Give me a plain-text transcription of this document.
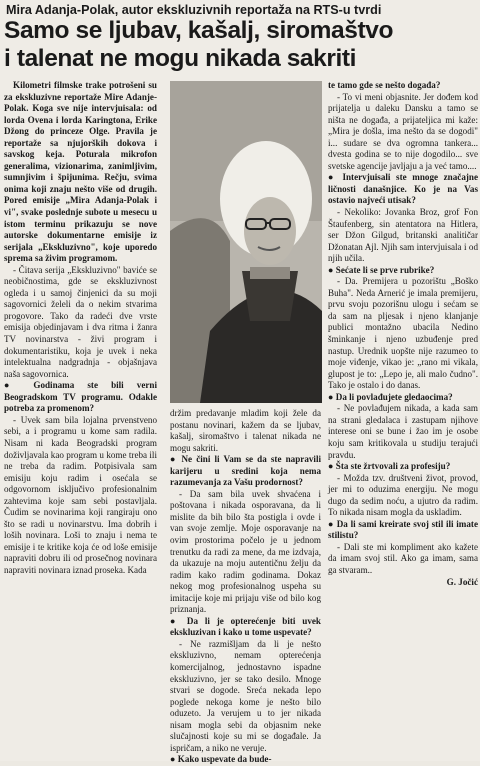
Mira Adanja-Polak, autor ekskluzivnih reportaža na RTS-u tvrdi
Samo se ljubav, kašalj, siromaštvo
i talenat ne mogu nikada sakriti

Kilometri filmske trake potrošeni su za ekskluzivne reportaže Mire Adanje-Polak. Koga sve nije intervjuisala: od lorda Ovena i lorda Karingtona, Erike Džong do princeze Olge. Pravila je reportaže sa njujorških dokova i savskog keja. Poturala mikrofon generalima, vizionarima, zanimljivim, sumnjivim i špijunima. Rečju, svima onima koji znaju nešto više od drugih. Pored emisije „Mira Adanja-Polak i vi", svake poslednje subote u mesecu u istom terminu prikazuju se nove autorske dokumentarne emisije iz serijala „Ekskluzivno", koje uporedo sprema sa živim programom.

- Čitava serija „Ekskluzivno" baviće se neobičnostima, gde se ekskluzivnost ogleda i u samoj činjenici da su moji sagovornici želeli da o nekim stvarima progovore. Tako da radeći dve vrste emisija objedinjavam i dva ritma i žanra TV novinarstva - živi program i dokumentaristiku, koja je uvek i neka intelektualna nadgradnja - objašnjava naša sagovornica.

● Godinama ste bili verni Beogradskom TV programu. Odakle potreba za promenom?

- Uvek sam bila lojalna prvenstveno sebi, a i programu u kome sam radila. Nisam ni kada Beogradski program doživljavala kao program u kome treba ili ne treba da radim. Potpisivala sam emisiju koju radim i osećala se odgovornom isključivo profesionalnim zahtevima koje sam sebi postavljala. Čudim se novinarima koji rangiraju ono što se radi u novinarstvu. Ima dobrih i loših novinara. Loši to znaju i nema te emisije i te kritike koja će od loše emisije napraviti dobru ili od prosečnog novinara napraviti novinara iznad proseka. Kada

držim predavanje mladim koji žele da postanu novinari, kažem da se ljubav, kašalj, siromaštvo i talenat nikada ne mogu sakriti.

● Ne čini li Vam se da ste napravili karijeru u sredini koja nema razumevanja za Vašu prodornost?

- Da sam bila uvek shvaćena i poštovana i nikada osporavana, da li mislite da bih bilo šta postigla i ovde i van svoje zemlje. Moje osporavanje na ovim prostorima počelo je u jednom trenutku da radi za mene, da me izdvaja, da ukazuje na moju autentičnu želju da radim kako radim godinama. Dokaz nekog mog profesionalnog uspeha su imitacije koje mi prijaju više od bilo kog priznanja.

● Da li je opterećenje biti uvek ekskluzivan i kako u tome uspevate?

- Ne razmišljam da li je nešto ekskluzivno, nemam opterećenja komercijalnog, jednostavno ispadne ekskluzivno, jer se tako desilo. Mnoge stvari se dogode. Sreća nekada lepo poglede nekoga kome je nešto bilo oduzeto. Ja verujem u to jer nikada nisam mogla sebi da objasnim neke slučajnosti koje su mi se događale. Ja ispričam, a niko ne veruje.

● Kako uspevate da bude-

te tamo gde se nešto događa?

- To vi meni objasnite. Jer dođem kod prijatelja u daleku Dansku a tamo se ništa ne događa, a prijateljica mi kaže: „Mira je došla, ima nešto da se dogodi" i... sudare se dva ogromna tankera... dvesta godina se to nije dogodilo... sve svetske agencije javljaju a ja već tamo....

● Intervjuisali ste mnoge značajne ličnosti današnjice. Ko je na Vas ostavio najveći utisak?

- Nekoliko: Jovanka Broz, grof Fon Štaufenberg, sin atentatora na Hitlera, ser Džon Gilgud, britanski analitičar Džonatan Ajl. Njih sam intervjuisala i od njih učila.

● Sećate li se prve rubrike?

- Da. Premijera u pozorištu „Boško Buha". Neda Arnerić je imala premijeru, prvu svoju pozorišnu ulogu i sećam se da sam na pljesak i njeno klanjanje publici montažno ubacila Nedino šminkanje i njeno uzbuđenje pred nastup. Urednik uopšte nije razumeo to moje viđenje, vikao je: „rano mi vikala, glupost je to: „Lepo je, ali malo čudno". Tako je ostalo i do danas.

● Da li povlađujete gledaocima?

- Ne povlađujem nikada, a kada sam na strani gledalaca i zastupam njihove interese oni se bune i žao im je osobe koju sam kritikovala u studiju terajući pravdu.

● Šta ste žrtvovali za profesiju?

- Možda tzv. društveni život, provod, jer mi to oduzima energiju. Ne mogu dugo da sedim noću, a ujutro da radim. To nikada nisam mogla da uskladim.

● Da li sami kreirate svoj stil ili imate stilistu?

- Dali ste mi kompliment ako kažete da imam svoj stil. Ako ga imam, sama ga stvaram..

G. Jočić
